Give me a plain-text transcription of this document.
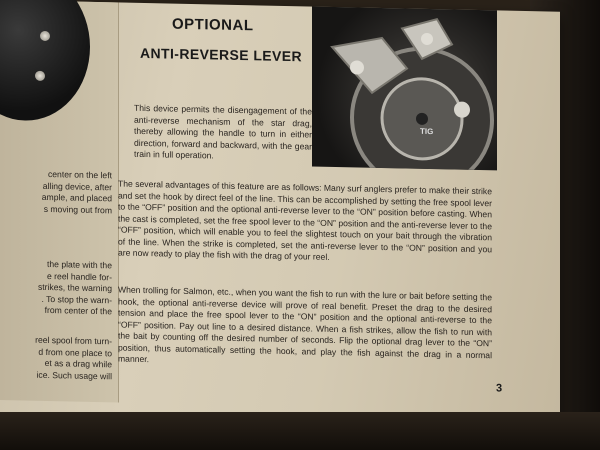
center on the left
alling device, after
ample, and placed
s moving out from

the plate with the
e reel handle for-
strikes, the warning
. To stop the warn-
from center of the

reel spool from turn-
d from one place to
et as a drag while
ice. Such usage will

OPTIONAL
ANTI-REVERSE LEVER
TIG

This device permits the disengagement of the anti-reverse mechanism of the star drag, thereby allowing the handle to turn in either direction, forward and backward, with the gear train in full operation.

The several advantages of this feature are as follows: Many surf anglers prefer to make their strike and set the hook by direct feel of the line. This can be accomplished by setting the free spool lever to the “OFF” position and the optional anti-reverse lever to the “ON” position before casting. When the cast is completed, set the free spool lever to the “ON” position and the anti-reverse lever to the “OFF” position, which will enable you to feel the slightest touch on your bait through the vibration of the line. When the strike is completed, set the anti-reverse lever to the “ON” position and you are now ready to play the fish with the drag of your reel.

When trolling for Salmon, etc., when you want the fish to run with the lure or bait before setting the hook, the optional anti-reverse device will prove of real benefit. Preset the drag to the desired tension and place the free spool lever to the “ON” position and the optional anti-reverse to the “OFF” position. Pay out line to a desired distance. When a fish strikes, allow the fish to run with the bait by counting off the desired number of seconds. Flip the optional drag lever to the “ON” position, thus automatically setting the hook, and play the fish against the drag in a normal manner.

3
